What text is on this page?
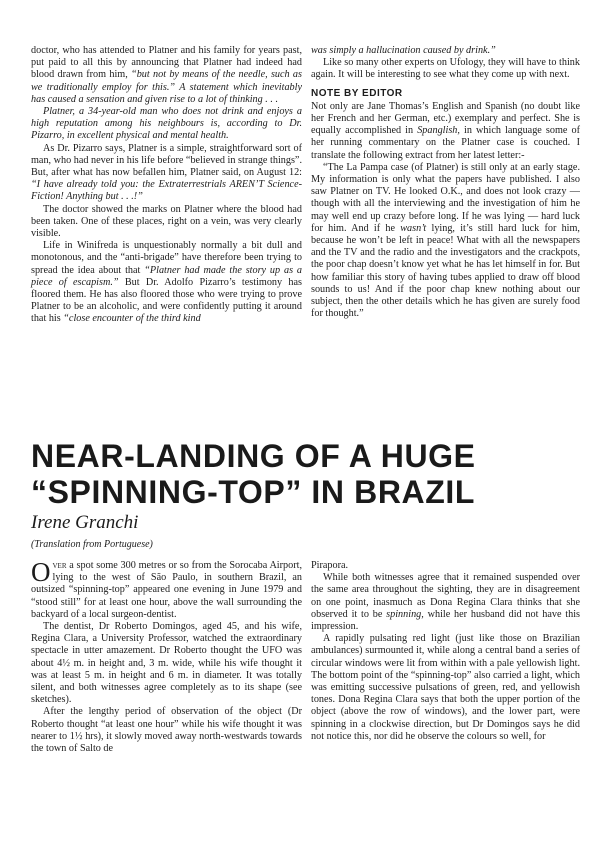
doctor, who has attended to Platner and his family for years past, put paid to all this by announcing that Platner had indeed had blood drawn from him, “but not by means of the needle, such as we traditionally employ for this.” A statement which inevitably has caused a sensation and given rise to a lot of thinking . . .

Platner, a 34-year-old man who does not drink and enjoys a high reputation among his neighbours is, according to Dr. Pizarro, in excellent physical and mental health.

As Dr. Pizarro says, Platner is a simple, straightforward sort of man, who had never in his life before “believed in strange things”. But, after what has now befallen him, Platner said, on August 12: “I have already told you: the Extraterrestrials AREN’T Science-Fiction! Anything but . . .!”

The doctor showed the marks on Platner where the blood had been taken. One of these places, right on a vein, was very clearly visible.

Life in Winifreda is unquestionably normally a bit dull and monotonous, and the “anti-brigade” have therefore been trying to spread the idea about that “Platner had made the story up as a piece of escapism.” But Dr. Adolfo Pizarro’s testimony has floored them. He has also floored those who were trying to prove Platner to be an alcoholic, and were confidently putting it around that his “close encounter of the third kind

was simply a hallucination caused by drink.”

Like so many other experts on Ufology, they will have to think again. It will be interesting to see what they come up with next.

NOTE BY EDITOR

Not only are Jane Thomas’s English and Spanish (no doubt like her French and her German, etc.) exemplary and perfect. She is equally accomplished in Spanglish, in which language some of her running commentary on the Platner case is couched. I translate the following extract from her latest letter:-

“The La Pampa case (of Platner) is still only at an early stage. My information is only what the papers have published. I also saw Platner on TV. He looked O.K., and does not look crazy — though with all the interviewing and the investigation of him he may well end up crazy before long. If he was lying — hard luck for him. And if he wasn’t lying, it’s still hard luck for him, because he won’t be left in peace! What with all the newspapers and the TV and the radio and the investigators and the crackpots, the poor chap doesn’t know yet what he has let himself in for. But how familiar this story of having tubes applied to draw off blood sounds to us! And if the poor chap knew nothing about our subject, then the other details which he has given are surely food for thought.”

NEAR-LANDING OF A HUGE
“SPINNING-TOP” IN BRAZIL
Irene Granchi
(Translation from Portuguese)

Over a spot some 300 metres or so from the Sorocaba Airport, lying to the west of São Paulo, in southern Brazil, an outsized “spinning-top” appeared one evening in June 1979 and “stood still” for at least one hour, above the wall surrounding the backyard of a local surgeon-dentist.

The dentist, Dr Roberto Domingos, aged 45, and his wife, Regina Clara, a University Professor, watched the extraordinary spectacle in utter amazement. Dr Roberto thought the UFO was about 4½ m. in height and, 3 m. wide, while his wife thought it was at least 5 m. in height and 6 m. in diameter. It was totally silent, and both witnesses agree completely as to its shape (see sketches).

After the lengthy period of observation of the object (Dr Roberto thought “at least one hour” while his wife thought it was nearer to 1½ hrs), it slowly moved away north-westwards towards the town of Salto de

Pirapora.

While both witnesses agree that it remained suspended over the same area throughout the sighting, they are in disagreement on one point, inasmuch as Dona Regina Clara thinks that she observed it to be spinning, while her husband did not have this impression.

A rapidly pulsating red light (just like those on Brazilian ambulances) surmounted it, while along a central band a series of circular windows were lit from within with a pale yellowish light. The bottom point of the “spinning-top” also carried a light, which was emitting successive pulsations of green, red, and yellowish tones. Dona Regina Clara says that both the upper portion of the object (above the row of windows), and the lower part, were spinning in a clockwise direction, but Dr Domingos says he did not notice this, nor did he observe the colours so well, for
